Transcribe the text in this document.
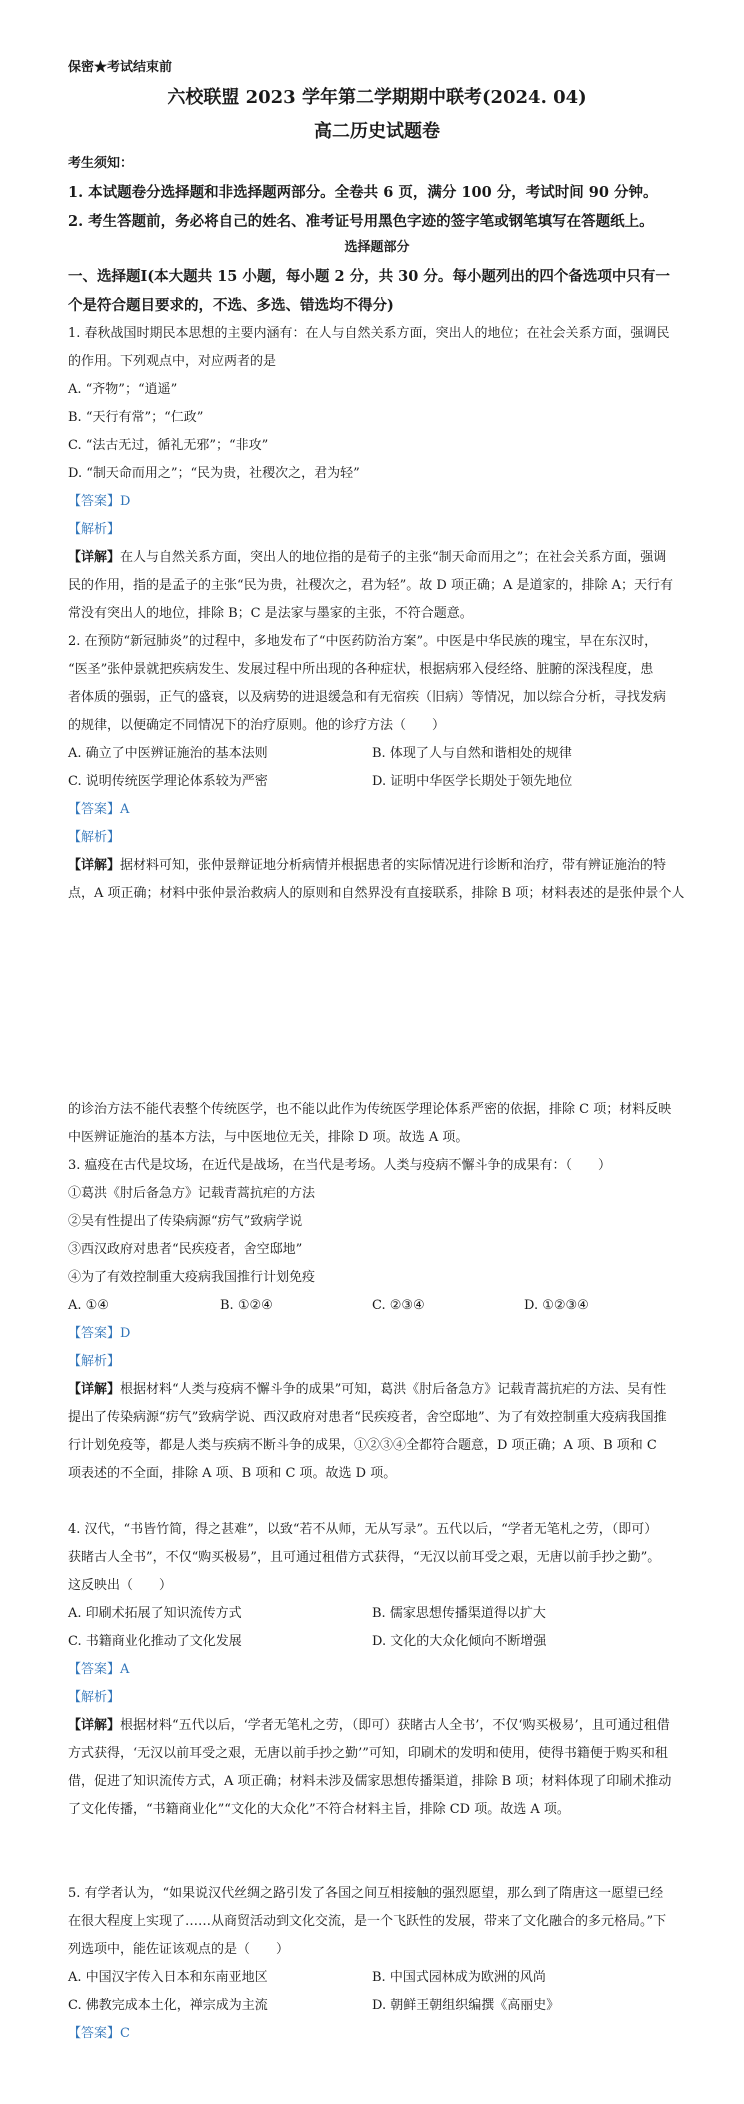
保密★考试结束前
六校联盟 2023 学年第二学期期中联考(2024. 04)
高二历史试题卷
考生须知：
1. 本试题卷分选择题和非选择题两部分。全卷共 6 页，满分 100 分，考试时间 90 分钟。
2. 考生答题前，务必将自己的姓名、准考证号用黑色字迹的签字笔或钢笔填写在答题纸上。
选择题部分
一、选择题Ⅰ(本大题共 15 小题，每小题 2 分，共 30 分。每小题列出的四个备选项中只有一
个是符合题目要求的，不选、多选、错选均不得分)
1. 春秋战国时期民本思想的主要内涵有：在人与自然关系方面，突出人的地位；在社会关系方面，强调民
的作用。下列观点中，对应两者的是
A. “齐物”；“逍遥”
B. “天行有常”；“仁政”
C. “法古无过，循礼无邪”；“非攻”
D. “制天命而用之”；“民为贵，社稷次之，君为轻”
【答案】D
【解析】
【详解】在人与自然关系方面，突出人的地位指的是荀子的主张“制天命而用之”；在社会关系方面，强调
民的作用，指的是孟子的主张“民为贵，社稷次之，君为轻”。故 D 项正确；A 是道家的，排除 A；天行有
常没有突出人的地位，排除 B；C 是法家与墨家的主张，不符合题意。
2. 在预防“新冠肺炎”的过程中，多地发布了“中医药防治方案”。中医是中华民族的瑰宝，早在东汉时，
“医圣”张仲景就把疾病发生、发展过程中所出现的各种症状，根据病邪入侵经络、脏腑的深浅程度，患
者体质的强弱，正气的盛衰，以及病势的进退缓急和有无宿疾（旧病）等情况，加以综合分析，寻找发病
的规律，以便确定不同情况下的治疗原则。他的诊疗方法（　　）
A. 确立了中医辨证施治的基本法则	B. 体现了人与自然和谐相处的规律
C. 说明传统医学理论体系较为严密	D. 证明中华医学长期处于领先地位
【答案】A
【解析】
【详解】据材料可知，张仲景辩证地分析病情并根据患者的实际情况进行诊断和治疗，带有辨证施治的特
点，A 项正确；材料中张仲景治救病人的原则和自然界没有直接联系，排除 B 项；材料表述的是张仲景个人
的诊治方法不能代表整个传统医学，也不能以此作为传统医学理论体系严密的依据，排除 C 项；材料反映
中医辨证施治的基本方法，与中医地位无关，排除 D 项。故选 A 项。
3. 瘟疫在古代是坟场，在近代是战场，在当代是考场。人类与疫病不懈斗争的成果有：（　　）
①葛洪《肘后备急方》记载青蒿抗疟的方法
②吴有性提出了传染病源“疠气”致病学说
③西汉政府对患者“民疾疫者，舍空邸地”
④为了有效控制重大疫病我国推行计划免疫
A. ①④	B. ①②④	C. ②③④	D. ①②③④
【答案】D
【解析】
【详解】根据材料“人类与疫病不懈斗争的成果”可知，葛洪《肘后备急方》记载青蒿抗疟的方法、吴有性
提出了传染病源“疠气”致病学说、西汉政府对患者“民疾疫者，舍空邸地”、为了有效控制重大疫病我国推
行计划免疫等，都是人类与疾病不断斗争的成果，①②③④全都符合题意，D 项正确；A 项、B 项和 C
项表述的不全面，排除 A 项、B 项和 C 项。故选 D 项。
4. 汉代，“书皆竹简，得之甚难”，以致“若不从师，无从写录”。五代以后，“学者无笔札之劳，（即可）
获睹古人全书”，不仅“购买极易”，且可通过租借方式获得，“无汉以前耳受之艰，无唐以前手抄之勤”。
这反映出（　　）
A. 印刷术拓展了知识流传方式	B. 儒家思想传播渠道得以扩大
C. 书籍商业化推动了文化发展	D. 文化的大众化倾向不断增强
【答案】A
【解析】
【详解】根据材料“五代以后，‘学者无笔札之劳，（即可）获睹古人全书’，不仅‘购买极易’，且可通过租借
方式获得，‘无汉以前耳受之艰，无唐以前手抄之勤’”可知，印刷术的发明和使用，使得书籍便于购买和租
借，促进了知识流传方式，A 项正确；材料未涉及儒家思想传播渠道，排除 B 项；材料体现了印刷术推动
了文化传播，“书籍商业化”“文化的大众化”不符合材料主旨，排除 CD 项。故选 A 项。
5. 有学者认为，“如果说汉代丝绸之路引发了各国之间互相接触的强烈愿望，那么到了隋唐这一愿望已经
在很大程度上实现了……从商贸活动到文化交流，是一个飞跃性的发展，带来了文化融合的多元格局。”下
列选项中，能佐证该观点的是（　　）
A. 中国汉字传入日本和东南亚地区	B. 中国式园林成为欧洲的风尚
C. 佛教完成本土化，禅宗成为主流	D. 朝鲜王朝组织编撰《高丽史》
【答案】C
